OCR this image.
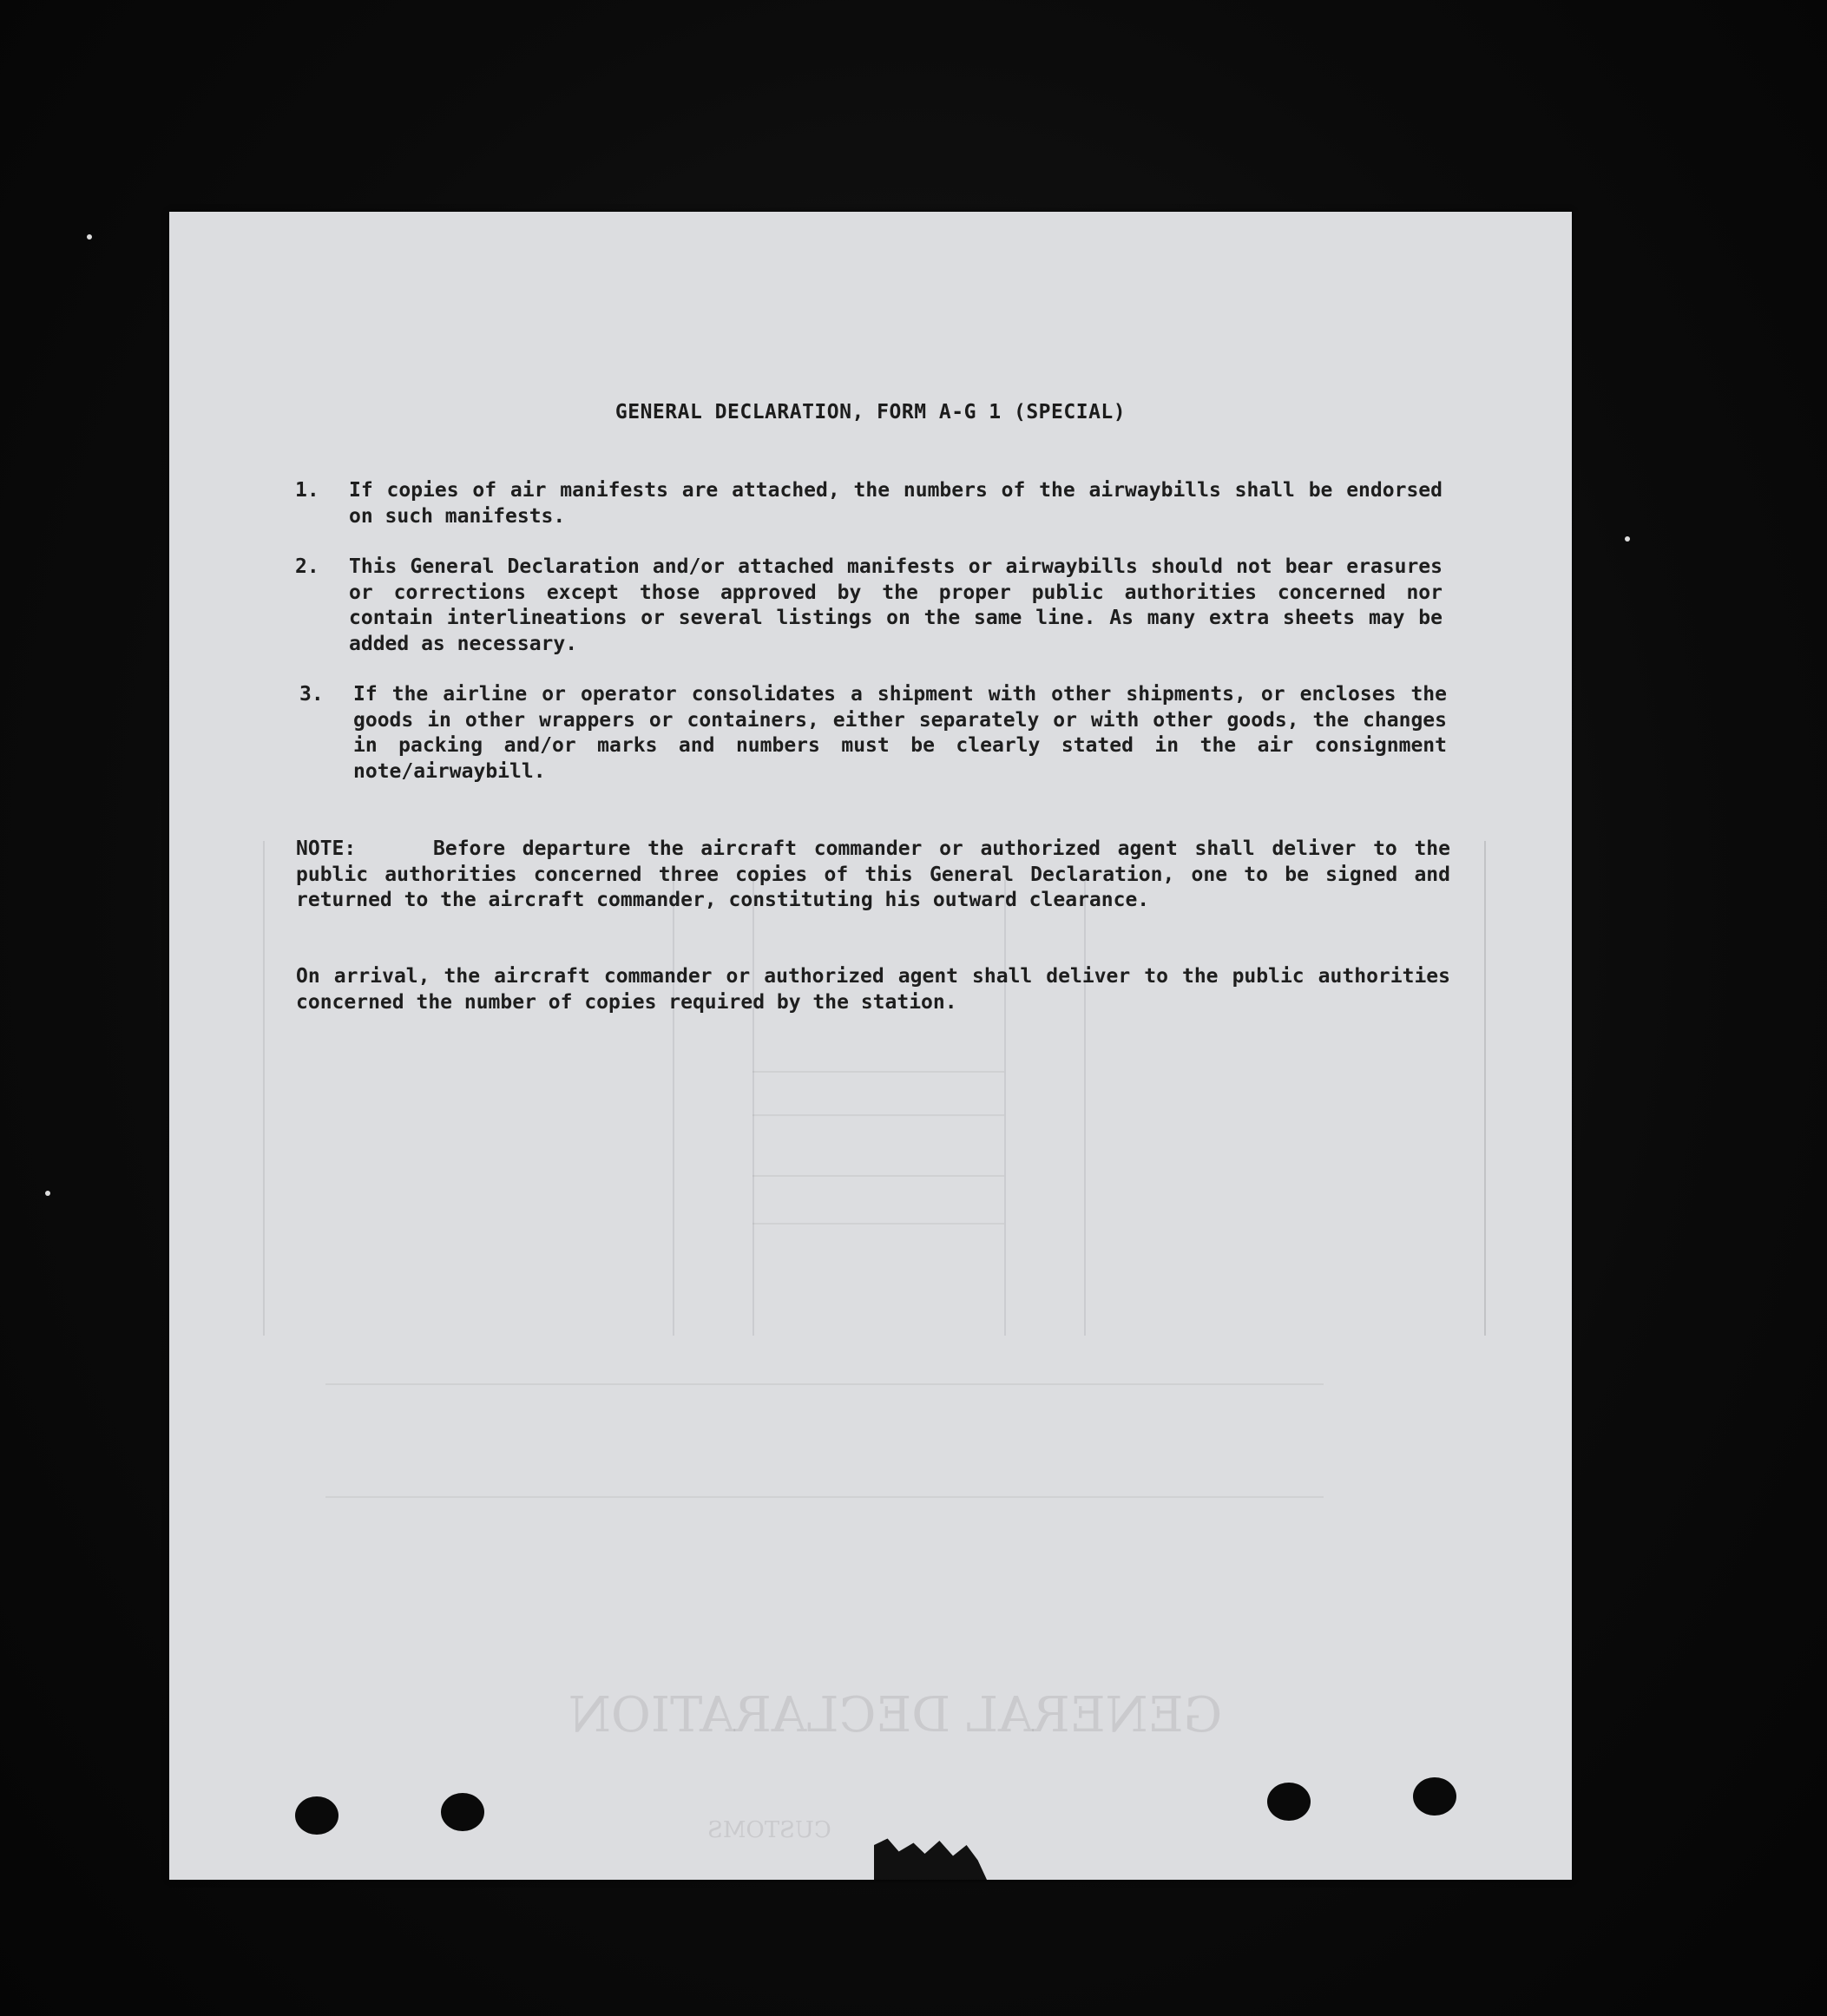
GENERAL DECLARATION
CUSTOMS
GENERAL DECLARATION, FORM A-G 1 (SPECIAL)
1. If copies of air manifests are attached, the numbers of the airwaybills shall be endorsed on such manifests.
2. This General Declaration and/or attached manifests or airwaybills should not bear erasures or corrections except those approved by the proper public authorities concerned nor contain interlineations or several listings on the same line. As many extra sheets may be added as necessary.
3. If the airline or operator consolidates a shipment with other shipments, or encloses the goods in other wrappers or containers, either separately or with other goods, the changes in packing and/or marks and numbers must be clearly stated in the air consignment note/airwaybill.
NOTE:	Before departure the aircraft commander or authorized agent shall deliver to the public authorities concerned three copies of this General Declaration, one to be signed and returned to the aircraft commander, constituting his outward clearance.
On arrival, the aircraft commander or authorized agent shall deliver to the public authorities concerned the number of copies required by the station.
